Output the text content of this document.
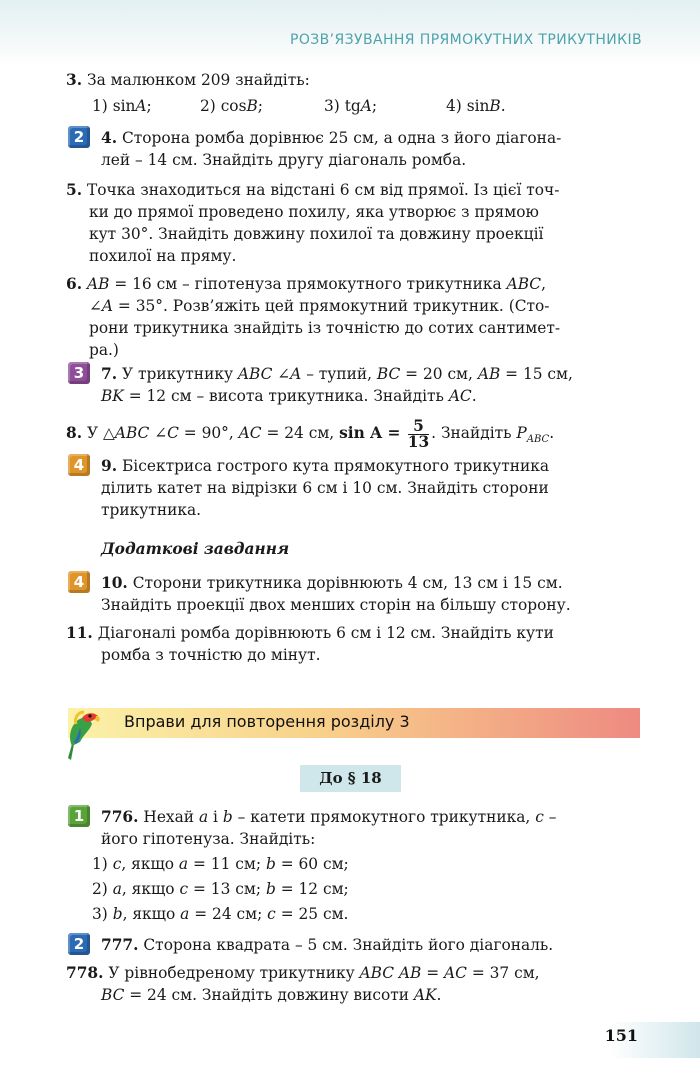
РОЗВ’ЯЗУВАННЯ ПРЯМОКУТНИХ ТРИКУТНИКІВ
3. За малюнком 209 знайдіть:
1) sinA;	2) cosB;	3) tgA;	4) sinB.
2	4. Сторона ромба дорівнює 25 см, а одна з його діагона-
лей – 14 см. Знайдіть другу діагональ ромба.
5. Точка знаходиться на відстані 6 см від прямої. Із цієї точ-
ки до прямої проведено похилу, яка утворює з прямою
кут 30°. Знайдіть довжину похилої та довжину проекції
похилої на пряму.
6. AB = 16 см – гіпотенуза прямокутного трикутника ABC,
∠A = 35°. Розв’яжіть цей прямокутний трикутник. (Сто-
рони трикутника знайдіть із точністю до сотих сантимет-
ра.)
3	7. У трикутнику ABC ∠A – тупий, BC = 20 см, AB = 15 см,
BK = 12 см – висота трикутника. Знайдіть AC.
8. У △ABC ∠C = 90°, AC = 24 см, $\sin A = \frac{5}{13}$ . Знайдіть $P_{ABC}$.
4	9. Бісектриса гострого кута прямокутного трикутника
ділить катет на відрізки 6 см і 10 см. Знайдіть сторони
трикутника.
Додаткові завдання
4	10. Сторони трикутника дорівнюють 4 см, 13 см і 15 см.
Знайдіть проекції двох менших сторін на більшу сторону.
11. Діагоналі ромба дорівнюють 6 см і 12 см. Знайдіть кути
ромба з точністю до мінут.
Вправи для повторення розділу 3
До § 18
1	776. Нехай a і b – катети прямокутного трикутника, c –
його гіпотенуза. Знайдіть:
1) c, якщо a = 11 см; b = 60 см;
2) a, якщо c = 13 см; b = 12 см;
3) b, якщо a = 24 см; c = 25 см.
2	777. Сторона квадрата – 5 см. Знайдіть його діагональ.
778. У рівнобедреному трикутнику ABC AB = AC = 37 см,
BC = 24 см. Знайдіть довжину висоти AK.
151
